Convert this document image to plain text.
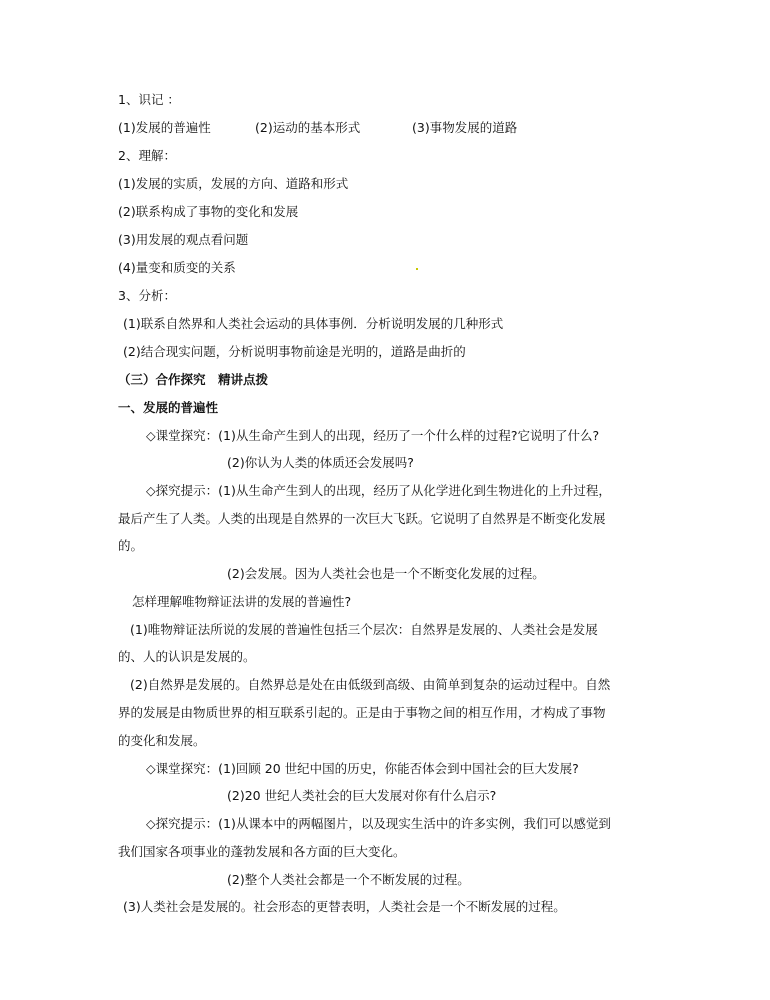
1、识记 ：
(1)发展的普遍性	(2)运动的基本形式	(3)事物发展的道路
2、理解：
(1)发展的实质，发展的方向、道路和形式
(2)联系构成了事物的变化和发展
(3)用发展的观点看问题
(4)量变和质变的关系
3、分析：
(1)联系自然界和人类社会运动的具体事例．分析说明发展的几种形式
(2)结合现实问题，分析说明事物前途是光明的，道路是曲折的
（三）合作探究　精讲点拨
一、发展的普遍性
◇课堂探究：(1)从生命产生到人的出现，经历了一个什么样的过程?它说明了什么?
(2)你认为人类的体质还会发展吗?
◇探究提示：(1)从生命产生到人的出现，经历了从化学进化到生物进化的上升过程，
最后产生了人类。人类的出现是自然界的一次巨大飞跃。它说明了自然界是不断变化发展
的。
(2)会发展。因为人类社会也是一个不断变化发展的过程。
怎样理解唯物辩证法讲的发展的普遍性?
(1)唯物辩证法所说的发展的普遍性包括三个层次：自然界是发展的、人类社会是发展
的、人的认识是发展的。
(2)自然界是发展的。自然界总是处在由低级到高级、由简单到复杂的运动过程中。自然
界的发展是由物质世界的相互联系引起的。正是由于事物之间的相互作用，才构成了事物
的变化和发展。
◇课堂探究：(1)回顾 20 世纪中国的历史，你能否体会到中国社会的巨大发展?
(2)20 世纪人类社会的巨大发展对你有什么启示?
◇探究提示：(1)从课本中的两幅图片，以及现实生活中的许多实例，我们可以感觉到
我们国家各项事业的蓬勃发展和各方面的巨大变化。
(2)整个人类社会都是一个不断发展的过程。
(3)人类社会是发展的。社会形态的更替表明，人类社会是一个不断发展的过程。
